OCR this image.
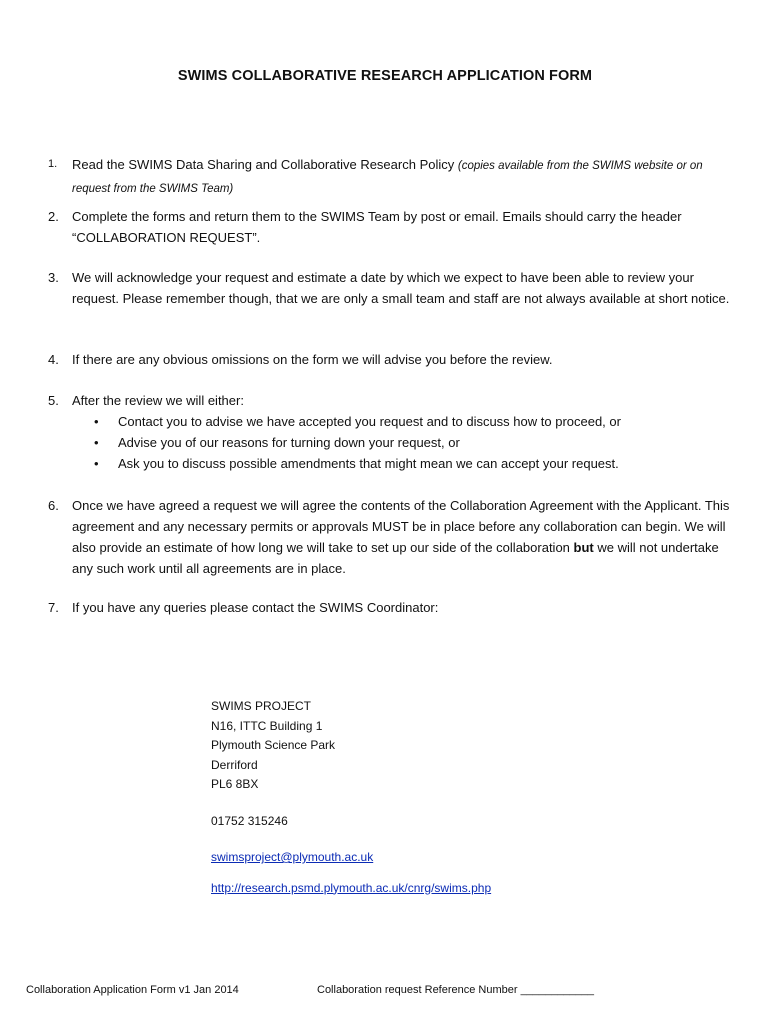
SWIMS COLLABORATIVE RESEARCH APPLICATION FORM
1.	Read the SWIMS Data Sharing and Collaborative Research Policy (copies available from the SWIMS website or on request from the SWIMS Team)
2.	Complete the forms and return them to the SWIMS Team by post or email. Emails should carry the header “COLLABORATION REQUEST”.
3.	We will acknowledge your request and estimate a date by which we expect to have been able to review your request. Please remember though, that we are only a small team and staff are not always available at short notice.
4.	If there are any obvious omissions on the form we will advise you before the review.
5.	After the review we will either:
• Contact you to advise we have accepted you request and to discuss how to proceed, or
• Advise you of our reasons for turning down your request, or
• Ask you to discuss possible amendments that might mean we can accept your request.
6.	Once we have agreed a request we will agree the contents of the Collaboration Agreement with the Applicant. This agreement and any necessary permits or approvals MUST be in place before any collaboration can begin. We will also provide an estimate of how long we will take to set up our side of the collaboration but we will not undertake any such work until all agreements are in place.
7.	If you have any queries please contact the SWIMS Coordinator:
SWIMS PROJECT
N16, ITTC Building 1
Plymouth Science Park
Derriford
PL6 8BX
01752 315246
swimsproject@plymouth.ac.uk
http://research.psmd.plymouth.ac.uk/cnrg/swims.php
Collaboration Application Form v1 Jan 2014	Collaboration request Reference Number ____________
